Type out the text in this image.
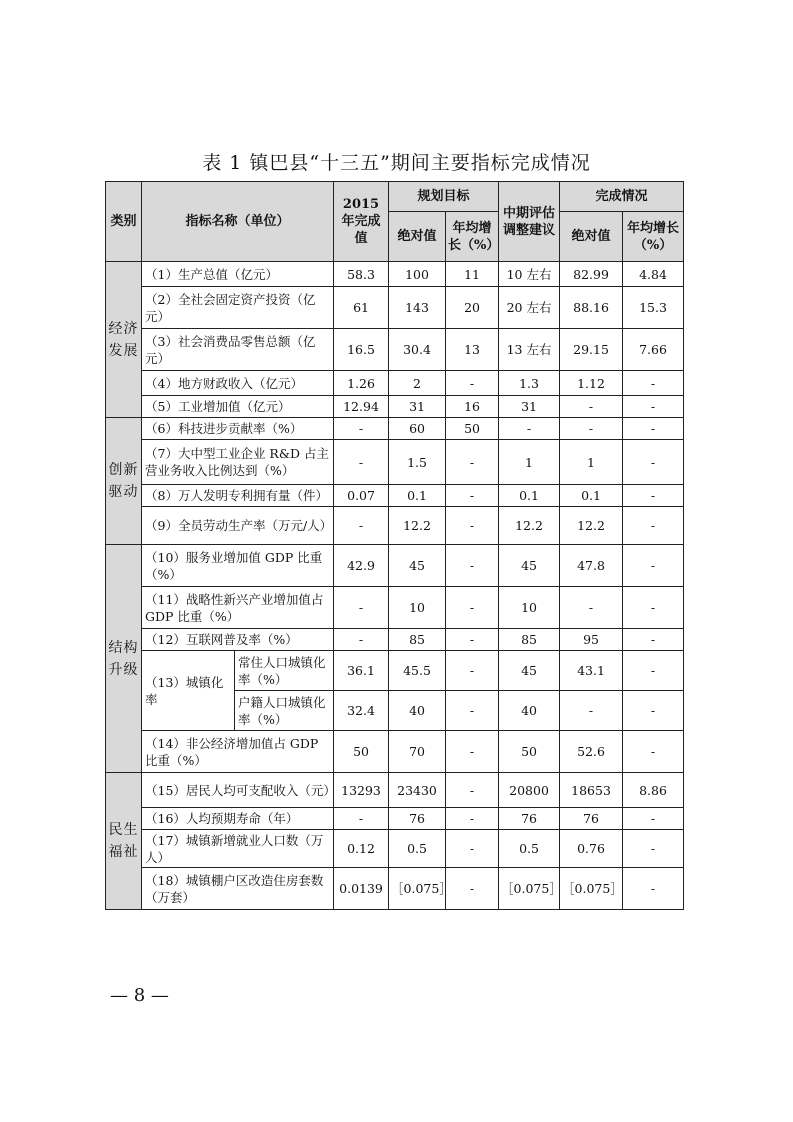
表 1 镇巴县“十三五”期间主要指标完成情况
类别	指标名称（单位）		2015 年完成值	规划目标		中期评估调整建议	完成情况	
				绝对值	年均增长（%）		绝对值	年均增长（%）
经济发展	（1）生产总值（亿元）		58.3	100	11	10 左右	82.99	4.84
	（2）全社会固定资产投资（亿元）		61	143	20	20 左右	88.16	15.3
	（3）社会消费品零售总额（亿元）		16.5	30.4	13	13 左右	29.15	7.66
	（4）地方财政收入（亿元）		1.26	2	-	1.3	1.12	-
	（5）工业增加值（亿元）		12.94	31	16	31	-	-
创新驱动	（6）科技进步贡献率（%）		-	60	50	-	-	-
	（7）大中型工业企业 R&D 占主营业务收入比例达到（%）		-	1.5	-	1	1	-
	（8）万人发明专利拥有量（件）		0.07	0.1	-	0.1	0.1	-
	（9）全员劳动生产率（万元/人）		-	12.2	-	12.2	12.2	-
结构升级	（10）服务业增加值 GDP 比重（%）		42.9	45	-	45	47.8	-
	（11）战略性新兴产业增加值占 GDP 比重（%）		-	10	-	10	-	-
	（12）互联网普及率（%）		-	85	-	85	95	-
	（13）城镇化率	常住人口城镇化率（%）	36.1	45.5	-	45	43.1	-
		户籍人口城镇化率（%）	32.4	40	-	40	-	-
	（14）非公经济增加值占 GDP 比重（%）		50	70	-	50	52.6	-
民生福祉	（15）居民人均可支配收入（元）		13293	23430	-	20800	18653	8.86
	（16）人均预期寿命（年）		-	76	-	76	76	-
	（17）城镇新增就业人口数（万人）		0.12	0.5	-	0.5	0.76	-
	（18）城镇棚户区改造住房套数（万套）		0.0139	［0.075］	-	［0.075］	［0.075］	-
— 8 —
